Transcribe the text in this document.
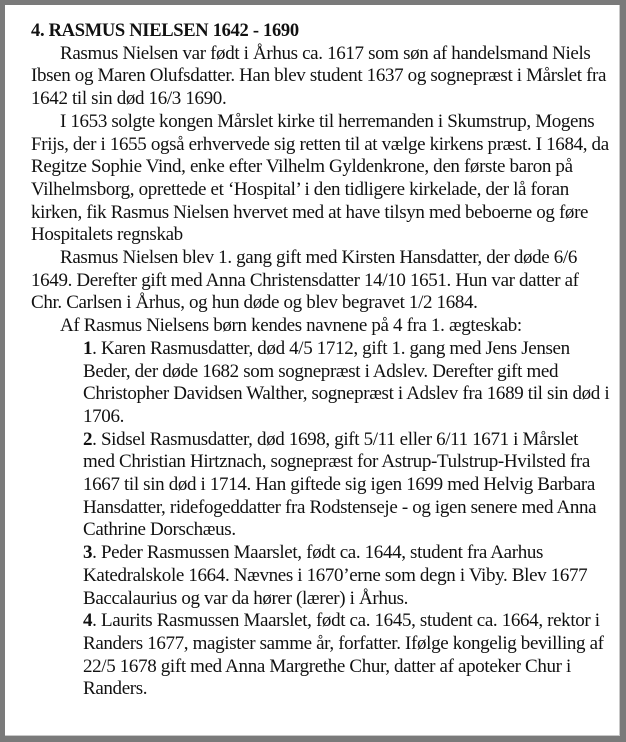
4. RASMUS NIELSEN 1642 - 1690

Rasmus Nielsen var født i Århus ca. 1617 som søn af handelsmand Niels Ibsen og Maren Olufsdatter. Han blev student 1637 og sognepræst i Mårslet fra 1642 til sin død 16/3 1690.

I 1653 solgte kongen Mårslet kirke til herremanden i Skumstrup, Mogens Frijs, der i 1655 også erhvervede sig retten til at vælge kirkens præst. I 1684, da Regitze Sophie Vind, enke efter Vilhelm Gyldenkrone, den første baron på Vilhelmsborg, oprettede et ‘Hospital’ i den tidligere kirkelade, der lå foran kirken, fik Rasmus Nielsen hvervet med at have tilsyn med beboerne og føre Hospitalets regnskab

Rasmus Nielsen blev 1. gang gift med Kirsten Hansdatter, der døde 6/6 1649. Derefter gift med Anna Christensdatter 14/10 1651. Hun var datter af Chr. Carlsen i Århus, og hun døde og blev begravet 1/2 1684.

Af Rasmus Nielsens børn kendes navnene på 4 fra 1. ægteskab:

1. Karen Rasmusdatter, død 4/5 1712, gift 1. gang med Jens Jensen Beder, der døde 1682 som sognepræst i Adslev. Derefter gift med Christopher Davidsen Walther, sognepræst i Adslev fra 1689 til sin død i 1706.

2. Sidsel Rasmusdatter, død 1698, gift 5/11 eller 6/11 1671 i Mårslet med Christian Hirtznach, sognepræst for Astrup-Tulstrup-Hvilsted fra 1667 til sin død i 1714. Han giftede sig igen 1699 med Helvig Barbara Hansdatter, ridefogeddatter fra Rodstenseje - og igen senere med Anna Cathrine Dorschæus.

3. Peder Rasmussen Maarslet, født ca. 1644, student fra Aarhus Katedralskole 1664. Nævnes i 1670’erne som degn i Viby. Blev 1677 Baccalaurius og var da hører (lærer) i Århus.

4. Laurits Rasmussen Maarslet, født ca. 1645, student ca. 1664, rektor i Randers 1677, magister samme år, forfatter. Ifølge kongelig bevilling af 22/5 1678 gift med Anna Margrethe Chur, datter af apoteker Chur i Randers.
